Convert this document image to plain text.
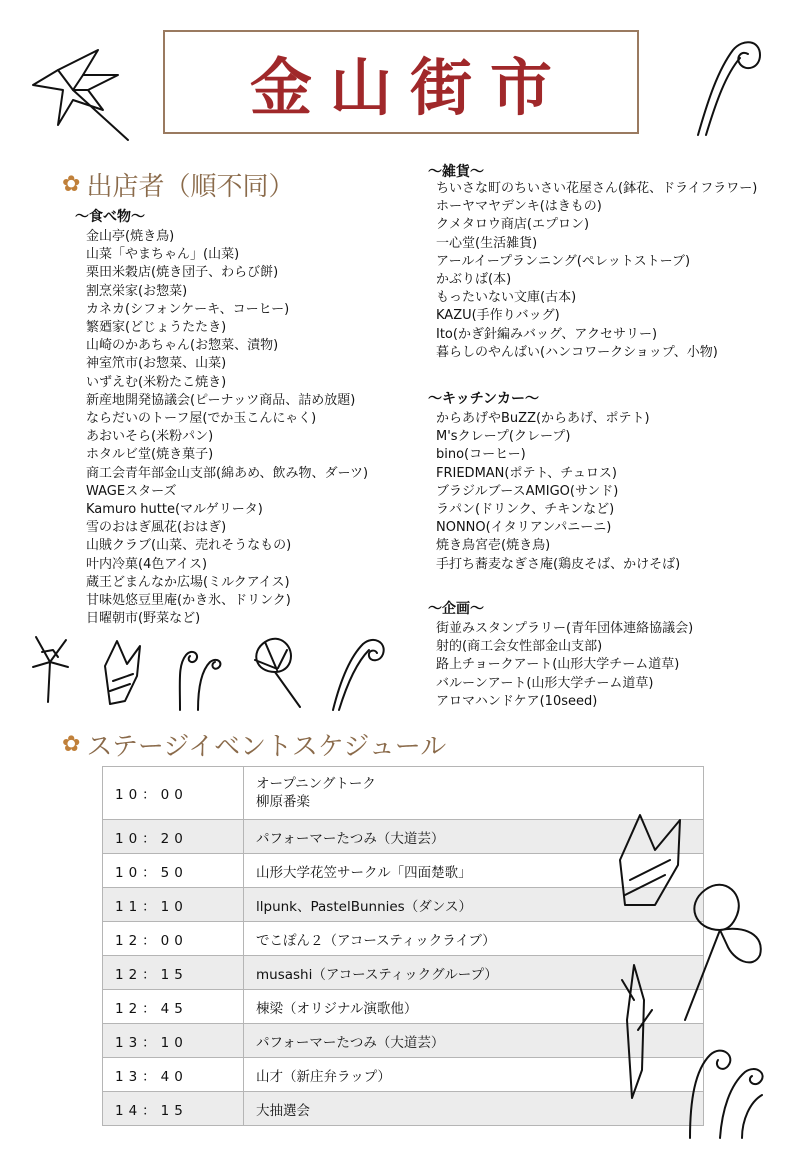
金山街市
✿ 出店者（順不同）

〜食べ物〜

金山亭(焼き鳥)
山菜「やまちゃん」(山菜)
栗田米穀店(焼き団子、わらび餅)
割烹栄家(お惣菜)
カネカ(シフォンケーキ、コーヒー)
繁廼家(どじょうたたき)
山崎のかあちゃん(お惣菜、漬物)
神室笊市(お惣菜、山菜)
いずえむ(米粉たこ焼き)
新産地開発協議会(ピーナッツ商品、詰め放題)
ならだいのトーフ屋(でか玉こんにゃく)
あおいそら(米粉パン)
ホタルビ堂(焼き菓子)
商工会青年部金山支部(綿あめ、飲み物、ダーツ)
WAGEスターズ
Kamuro hutte(マルゲリータ)
雪のおはぎ風花(おはぎ)
山賊クラブ(山菜、売れそうなもの)
叶内冷菓(4色アイス)
蔵王どまんなか広場(ミルクアイス)
甘味処悠豆里庵(かき氷、ドリンク)
日曜朝市(野菜など)

〜雑貨〜

ちいさな町のちいさい花屋さん(鉢花、ドライフラワー)
ホーヤマヤデンキ(はきもの)
クメタロウ商店(エプロン)
一心堂(生活雑貨)
アールイープランニング(ペレットストーブ)
かぶりば(本)
もったいない文庫(古本)
KAZU(手作りバッグ)
Ito(かぎ針編みバッグ、アクセサリー)
暮らしのやんばい(ハンコワークショップ、小物)

〜キッチンカー〜

からあげやBuZZ(からあげ、ポテト)
M'sクレープ(クレープ)
bino(コーヒー)
FRIEDMAN(ポテト、チュロス)
ブラジルブースAMIGO(サンド)
ラパン(ドリンク、チキンなど)
NONNO(イタリアンパニーニ)
焼き鳥宮壱(焼き鳥)
手打ち蕎麦なぎさ庵(鶏皮そば、かけそば)

〜企画〜

街並みスタンプラリー(青年団体連絡協議会)
射的(商工会女性部金山支部)
路上チョークアート(山形大学チーム道草)
バルーンアート(山形大学チーム道草)
アロマハンドケア(10seed)
✿ ステージイベントスケジュール
10：00	オープニングトーク
柳原番楽

10：20	パフォーマーたつみ（大道芸）
10：50	山形大学花笠サークル「四面楚歌」
11：10	llpunk、PastelBunnies（ダンス）
12：00	でこぽん２（アコースティックライブ）
12：15	musashi（アコースティックグループ）
12：45	棟梁（オリジナル演歌他）
13：10	パフォーマーたつみ（大道芸）
13：40	山才（新庄弁ラップ）
14：15	大抽選会
